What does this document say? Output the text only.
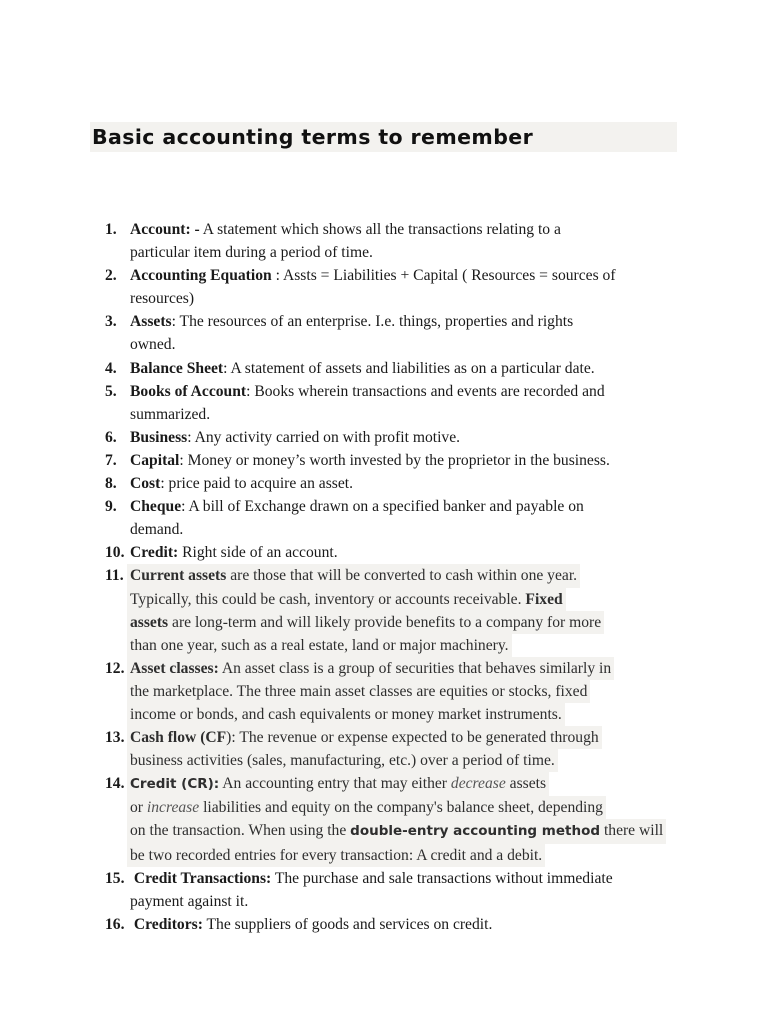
Basic accounting terms to remember
1. Account: - A statement which shows all the transactions relating to a
particular item during a period of time.
2. Accounting Equation : Assts = Liabilities + Capital ( Resources = sources of
resources)
3. Assets: The resources of an enterprise. I.e. things, properties and rights
owned.
4. Balance Sheet: A statement of assets and liabilities as on a particular date.
5. Books of Account: Books wherein transactions and events are recorded and
summarized.
6. Business: Any activity carried on with profit motive.
7. Capital: Money or money’s worth invested by the proprietor in the business.
8. Cost: price paid to acquire an asset.
9. Cheque: A bill of Exchange drawn on a specified banker and payable on
demand.
10. Credit: Right side of an account.
11. Current assets are those that will be converted to cash within one year.
Typically, this could be cash, inventory or accounts receivable. Fixed
assets are long-term and will likely provide benefits to a company for more
than one year, such as a real estate, land or major machinery.
12. Asset classes: An asset class is a group of securities that behaves similarly in
the marketplace. The three main asset classes are equities or stocks, fixed
income or bonds, and cash equivalents or money market instruments.
13. Cash flow (CF): The revenue or expense expected to be generated through
business activities (sales, manufacturing, etc.) over a period of time.
14. Credit (CR): An accounting entry that may either decrease assets
or increase liabilities and equity on the company's balance sheet, depending
on the transaction. When using the double-entry accounting method there will
be two recorded entries for every transaction: A credit and a debit.
15. Credit Transactions: The purchase and sale transactions without immediate
payment against it.
16. Creditors: The suppliers of goods and services on credit.
